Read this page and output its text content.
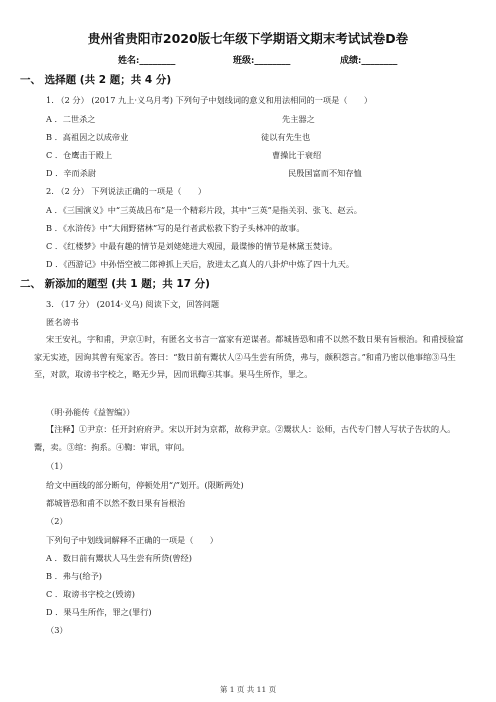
贵州省贵阳市2020版七年级下学期语文期末考试试卷D卷
姓名:________	班级:________	成绩:________
一、 选择题 (共 2 题；共 4 分)
1. （2 分） (2017 九上·义乌月考) 下列句子中划线词的意义和用法相同的一项是（　　）
A ．二世杀之	先主器之
B ．高祖因之以成帝业	徒以有先生也
C ．仓鹰击于殿上	曹操比于衰绍
D ．辛而杀尉	民殷国富而不知存恤
2. （2 分） 下列说法正确的一项是（　　）
A ．《三国演义》中“三英战吕布”是一个精彩片段，其中“三英”是指关羽、张飞、赵云。
B ．《水浒传》中“大闹野猪林”写的是行者武松救下豹子头林冲的故事。
C ．《红楼梦》中最有趣的情节是刘姥姥进大观园，最谍惨的情节是林黛玉焚诗。
D ．《西游记》中孙悟空被二郎神抓上天后，放进太乙真人的八卦炉中炼了四十九天。
二、 新添加的题型 (共 1 题；共 17 分)
3. （17 分） (2014·义乌) 阅读下文，回答问题
匿名谤书
宋王安礼，字和甫，尹京①时，有匿名文书言一富家有逆谋者。都城皆恐和甫不以然不数日果有旨根治。和甫授验富家无实迹，因询其曾有冤家否。答曰：“数日前有鬻状人②马生尝有所贷，弗与，颇积怨言。”和甫乃密以他事绾③马生至，对款，取谤书字校之，略无少异，因而讯鞫④其事。果马生所作，罪之。
（明·孙能传《益智编》）
【注释】①尹京：任开封府府尹。宋以开封为京都，故称尹京。②鬻状人：讼师，古代专门替人写状子告状的人。鬻，卖。③绾：拘系。④鞫：审讯，审问。
（1）
给文中画线的部分断句，停顿处用“/”划开。(限断两处)
都城皆恐和甫不以然不数日果有旨根治
（2）
下列句子中划线词解释不正确的一项是（　　）
A ．数日前有鬻状人马生尝有所贷(曾经)
B ．弗与(给予)
C ．取谤书字校之(毁谤)
D ．果马生所作，罪之(罪行)
（3）
第 1 页 共 11 页
